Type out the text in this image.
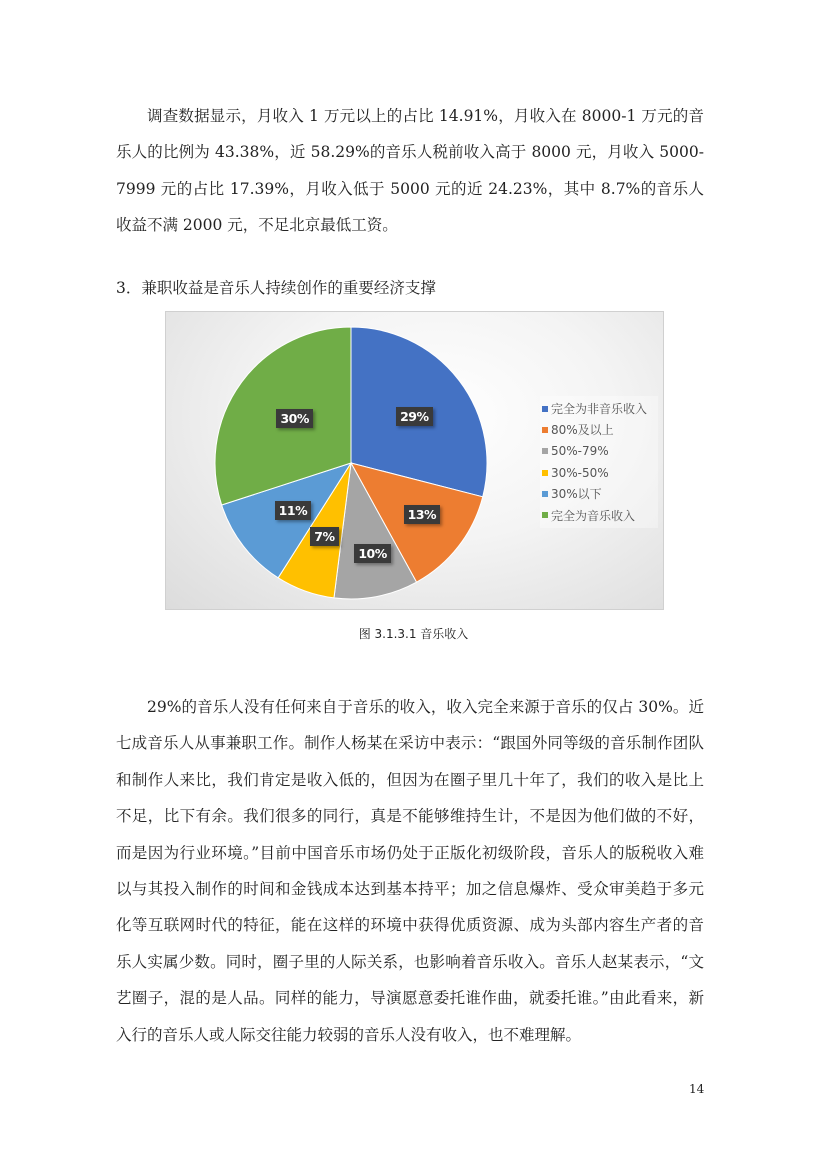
调查数据显示，月收入 1 万元以上的占比 14.91%，月收入在 8000-1 万元的音乐人的比例为 43.38%，近 58.29%的音乐人税前收入高于 8000 元，月收入 5000-7999 元的占比 17.39%，月收入低于 5000 元的近 24.23%，其中 8.7%的音乐人收益不满 2000 元，不足北京最低工资。

3．兼职收益是音乐人持续创作的重要经济支撑
29%
13%
10%
7%
11%
30%
完全为非音乐收入
80%及以上
50%-79%
30%-50%
30%以下
完全为音乐收入
图 3.1.3.1 音乐收入

29%的音乐人没有任何来自于音乐的收入，收入完全来源于音乐的仅占 30%。近七成音乐人从事兼职工作。制作人杨某在采访中表示：“跟国外同等级的音乐制作团队和制作人来比，我们肯定是收入低的，但因为在圈子里几十年了，我们的收入是比上不足，比下有余。我们很多的同行，真是不能够维持生计，不是因为他们做的不好，而是因为行业环境。”目前中国音乐市场仍处于正版化初级阶段，音乐人的版税收入难以与其投入制作的时间和金钱成本达到基本持平；加之信息爆炸、受众审美趋于多元化等互联网时代的特征，能在这样的环境中获得优质资源、成为头部内容生产者的音乐人实属少数。同时，圈子里的人际关系，也影响着音乐收入。音乐人赵某表示，“文艺圈子，混的是人品。同样的能力，导演愿意委托谁作曲，就委托谁。”由此看来，新入行的音乐人或人际交往能力较弱的音乐人没有收入，也不难理解。

14
